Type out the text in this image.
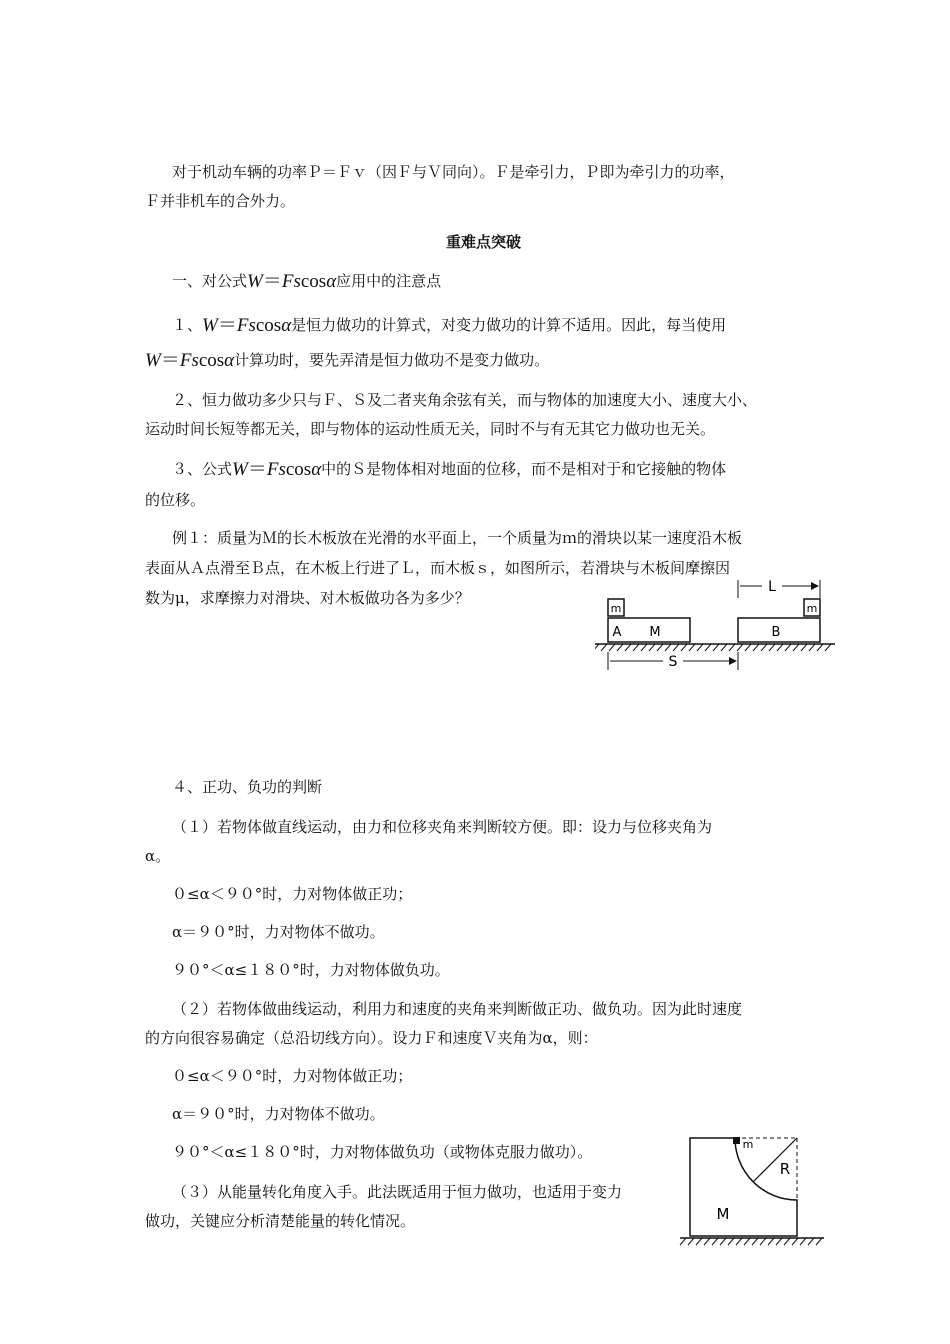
对于机动车辆的功率Ｐ＝Ｆｖ（因Ｆ与Ｖ同向）。Ｆ是牵引力，Ｐ即为牵引力的功率，
Ｆ并非机车的合外力。
重难点突破
一、对公式W＝Fscosα应用中的注意点
１、W＝Fscosα是恒力做功的计算式，对变力做功的计算不适用。因此，每当使用
W＝Fscosα计算功时，要先弄清是恒力做功不是变力做功。
２、恒力做功多少只与Ｆ、Ｓ及二者夹角余弦有关，而与物体的加速度大小、速度大小、
运动时间长短等都无关，即与物体的运动性质无关，同时不与有无其它力做功也无关。
３、公式W＝Fscosα中的Ｓ是物体相对地面的位移，而不是相对于和它接触的物体
的位移。
例１：质量为Ｍ的长木板放在光滑的水平面上，一个质量为ｍ的滑块以某一速度沿木板
表面从Ａ点滑至Ｂ点，在木板上行进了Ｌ，而木板ｓ，如图所示，若滑块与木板间摩擦因
数为μ，求摩擦力对滑块、对木板做功各为多少？
m
A M
m
B
L
S
４、正功、负功的判断
（１）若物体做直线运动，由力和位移夹角来判断较方便。即：设力与位移夹角为
α。
０≤α＜９０°时，力对物体做正功；
α＝９０°时，力对物体不做功。
９０°＜α≤１８０°时，力对物体做负功。
（２）若物体做曲线运动，利用力和速度的夹角来判断做正功、做负功。因为此时速度
的方向很容易确定（总沿切线方向）。设力Ｆ和速度Ｖ夹角为α，则：
０≤α＜９０°时，力对物体做正功；
α＝９０°时，力对物体不做功。
９０°＜α≤１８０°时，力对物体做负功（或物体克服力做功）。
（３）从能量转化角度入手。此法既适用于恒力做功，也适用于变力
做功，关键应分析清楚能量的转化情况。
R
m
M
